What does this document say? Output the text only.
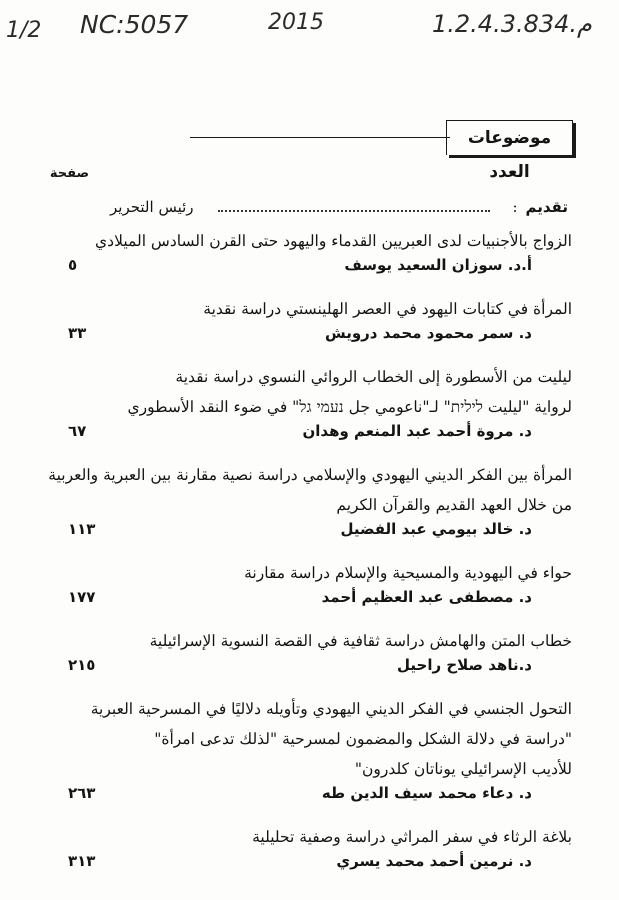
1/2 NC:5057	2015	1.2.4.3.834.م
موضوعات العدد
صفحة
تقديم
:
رئيس التحرير
الزواج بالأجنبيات لدى العبريين القدماء واليهود حتى القرن السادس الميلادي
أ.د. سوزان السعيد يوسف
٥
المرأة في كتابات اليهود في العصر الهلينستي دراسة نقدية
د. سمر محمود محمد درويش
٣٣
ليليت من الأسطورة إلى الخطاب الروائي النسوي دراسة نقدية
لرواية "ليليت לילית" لـ"ناعومي جل נעמי גל" في ضوء النقد الأسطوري
د. مروة أحمد عبد المنعم وهدان
٦٧
المرأة بين الفكر الديني اليهودي والإسلامي دراسة نصية مقارنة بين العبرية والعربية
من خلال العهد القديم والقرآن الكريم
د. خالد بيومي عبد الفضيل
١١٣
حواء في اليهودية والمسيحية والإسلام دراسة مقارنة
د. مصطفى عبد العظيم أحمد
١٧٧
خطاب المتن والهامش دراسة ثقافية في القصة النسوية الإسرائيلية
د.ناهد صلاح راحيل
٢١٥
التحول الجنسي في الفكر الديني اليهودي وتأويله دلاليًا في المسرحية العبرية
"دراسة في دلالة الشكل والمضمون لمسرحية "لذلك تدعى امرأة"
للأديب الإسرائيلي يوناتان كلدرون"
د. دعاء محمد سيف الدين طه
٢٦٣
بلاغة الرثاء في سفر المراثي دراسة وصفية تحليلية
د. نرمين أحمد محمد يسري
٣١٣
